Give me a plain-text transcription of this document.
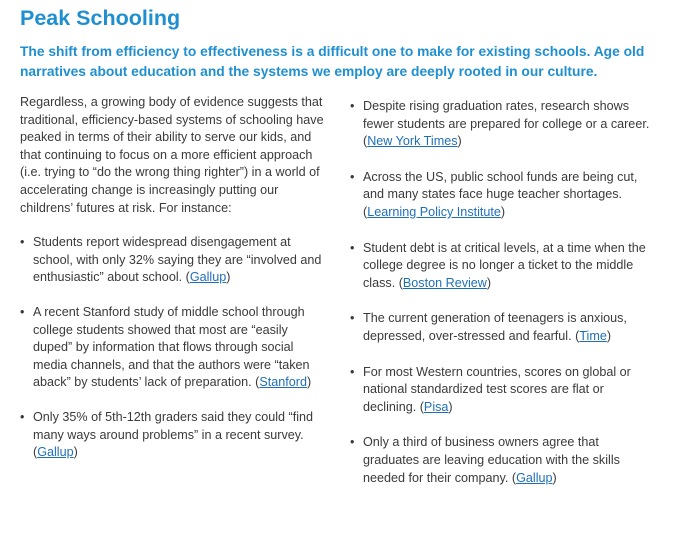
Peak Schooling

The shift from efficiency to effectiveness is a difficult one to make for existing schools. Age old narratives about education and the systems we employ are deeply rooted in our culture.

Regardless, a growing body of evidence suggests that traditional, efficiency-based systems of schooling have peaked in terms of their ability to serve our kids, and that continuing to focus on a more efficient approach (i.e. trying to “do the wrong thing righter”) in a world of accelerating change is increasingly putting our childrens’ futures at risk. For instance:

• Students report widespread disengagement at school, with only 32% saying they are “involved and enthusiastic” about school. (Gallup)
• A recent Stanford study of middle school through college students showed that most are “easily duped” by information that flows through social media channels, and that the authors were “taken aback” by students’ lack of preparation. (Stanford)
• Only 35% of 5th-12th graders said they could “find many ways around problems” in a recent survey. (Gallup)
• Despite rising graduation rates, research shows fewer students are prepared for college or a career. (New York Times)
• Across the US, public school funds are being cut, and many states face huge teacher shortages. (Learning Policy Institute)
• Student debt is at critical levels, at a time when the college degree is no longer a ticket to the middle class. (Boston Review)
• The current generation of teenagers is anxious, depressed, over-stressed and fearful. (Time)
• For most Western countries, scores on global or national standardized test scores are flat or declining. (Pisa)
• Only a third of business owners agree that graduates are leaving education with the skills needed for their company. (Gallup)
